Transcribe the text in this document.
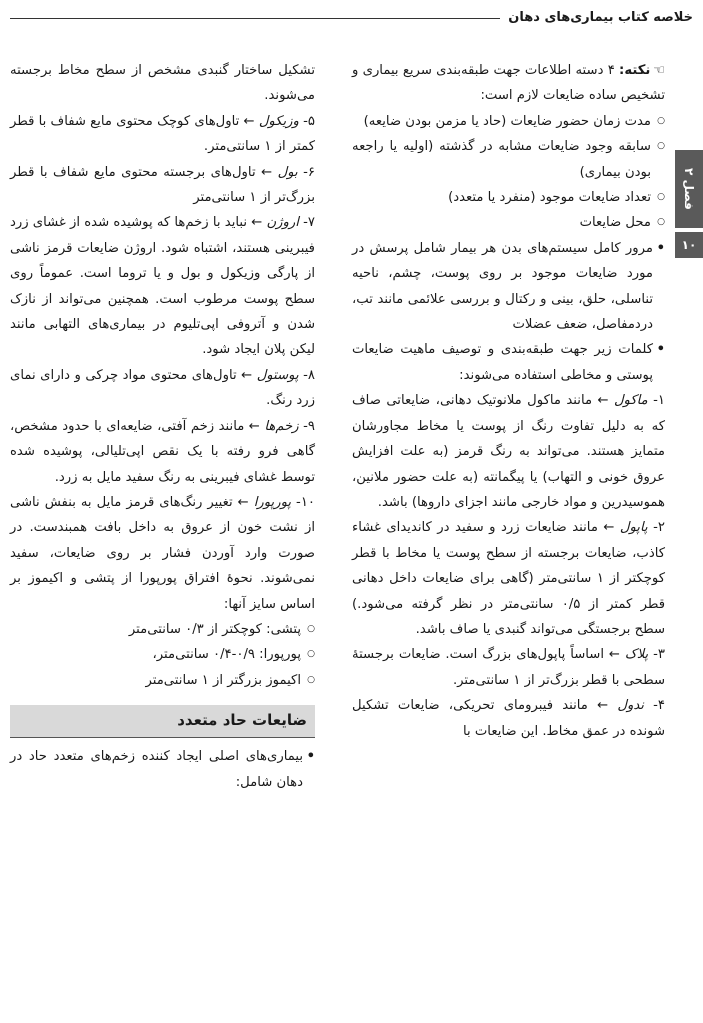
خلاصه کتاب بیماری‌های دهان
فصل ۲
۱۰

☜نکته: ۴ دسته اطلاعات جهت طبقه‌بندی سریع بیماری و تشخیص ساده ضایعات لازم است:

○ مدت زمان حضور ضایعات (حاد یا مزمن بودن ضایعه)

○ سابقه وجود ضایعات مشابه در گذشته (اولیه یا راجعه بودن بیماری)

○ تعداد ضایعات موجود (منفرد یا متعدد)

○ محل ضایعات

• مرور کامل سیستم‌های بدن هر بیمار شامل پرسش در مورد ضایعات موجود بر روی پوست، چشم، ناحیه تناسلی، حلق، بینی و رکتال و بررسی علائمی مانند تب، دردمفاصل، ضعف عضلات

• کلمات زیر جهت طبقه‌بندی و توصیف ماهیت ضایعات پوستی و مخاطی استفاده می‌شوند:

۱- ماکول ← مانند ماکول ملانوتیک دهانی، ضایعاتی صاف که به دلیل تفاوت رنگ از پوست یا مخاط مجاورشان متمایز هستند. می‌تواند به رنگ قرمز (به علت افزایش عروق خونی و التهاب) یا پیگمانته (به علت حضور ملانین، هموسیدرین و مواد خارجی مانند اجزای داروها) باشد.

۲- پاپول ← مانند ضایعات زرد و سفید در کاندیدای غشاء کاذب، ضایعات برجسته از سطح پوست یا مخاط با قطر کوچکتر از ۱ سانتی‌متر (گاهی برای ضایعات داخل دهانی قطر کمتر از ۰/۵ سانتی‌متر در نظر گرفته می‌شود.) سطح برجستگی می‌تواند گنبدی یا صاف باشد.

۳- پلاک ← اساساً پاپول‌های بزرگ است. ضایعات برجستهٔ سطحی با قطر بزرگ‌تر از ۱ سانتی‌متر.

۴- ندول ← مانند فیبرومای تحریکی، ضایعات تشکیل شونده در عمق مخاط. این ضایعات با

تشکیل ساختار گنبدی مشخص از سطح مخاط برجسته می‌شوند.

۵- وزیکول ← تاول‌های کوچک محتوی مایع شفاف با قطر کمتر از ۱ سانتی‌متر.

۶- بول ← تاول‌های برجسته محتوی مایع شفاف با قطر بزرگ‌تر از ۱ سانتی‌متر

۷- اروژن ← نباید با زخم‌ها که پوشیده شده از غشای زرد فیبرینی هستند، اشتباه شود. اروژن ضایعات قرمز ناشی از پارگی وزیکول و بول و یا تروما است. عموماً روی سطح پوست مرطوب است. همچنین می‌تواند از نازک شدن و آتروفی اپی‌تلیوم در بیماری‌های التهابی مانند لیکن پلان ایجاد شود.

۸- پوستول ← تاول‌های محتوی مواد چرکی و دارای نمای زرد رنگ.

۹- زخم‌ها ← مانند زخم آفتی، ضایعه‌ای با حدود مشخص، گاهی فرو رفته با یک نقص اپی‌تلیالی، پوشیده شده توسط غشای فیبرینی به رنگ سفید مایل به زرد.

۱۰- پورپورا ← تغییر رنگ‌های قرمز مایل به بنفش ناشی از نشت خون از عروق به داخل بافت همبندست. در صورت وارد آوردن فشار بر روی ضایعات، سفید نمی‌شوند. نحوهٔ افتراق پورپورا از پتشی و اکیموز بر اساس سایز آنها:

○ پتشی: کوچکتر از ۰/۳ سانتی‌متر

○ پورپورا: ۰/۹-۰/۴ سانتی‌متر،

○ اکیموز بزرگتر از ۱ سانتی‌متر

ضایعات حاد متعدد

• بیماری‌های اصلی ایجاد کننده زخم‌های متعدد حاد در دهان شامل:
